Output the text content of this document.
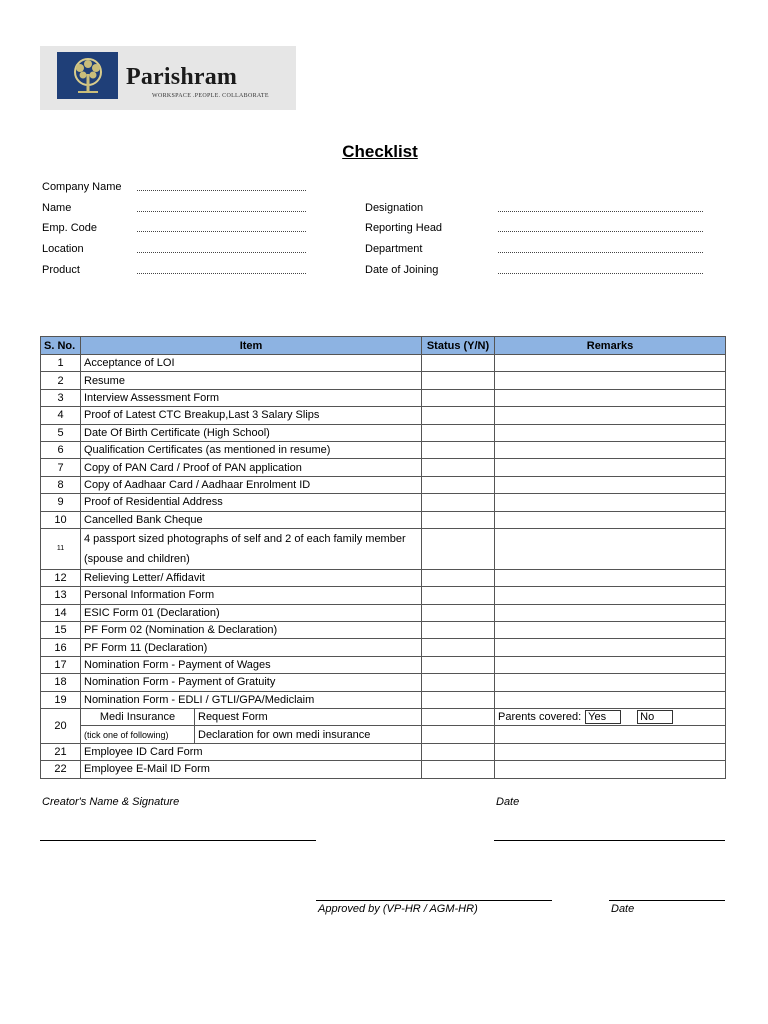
Parishram
WORKSPACE .PEOPLE. COLLABORATE
Checklist
Company Name
Name
Emp. Code
Location
Product
Designation
Reporting Head
Department
Date of Joining
S. No.	Item		Status (Y/N)	Remarks
1	Acceptance of LOI			
2	Resume			
3	Interview Assessment Form			
4	Proof of Latest CTC Breakup,Last 3 Salary Slips			
5	Date Of Birth Certificate (High School)			
6	Qualification Certificates (as mentioned in resume)			
7	Copy of PAN Card / Proof of PAN application			
8	Copy of Aadhaar Card / Aadhaar Enrolment ID			
9	Proof of Residential Address			
10	Cancelled Bank Cheque			
11	4 passport sized photographs of self and 2 of each family member (spouse and children)			
12	Relieving Letter/ Affidavit			
13	Personal Information Form			
14	ESIC Form 01 (Declaration)			
15	PF Form 02 (Nomination & Declaration)			
16	PF Form 11 (Declaration)			
17	Nomination Form - Payment of Wages			
18	Nomination Form - Payment of Gratuity			
19	Nomination Form - EDLI / GTLI/GPA/Mediclaim			
20	Medi Insurance	Request Form		Parents covered: Yes No

	(tick one of following)	Declaration for own medi insurance		
21	Employee ID Card Form			
22	Employee E-Mail ID Form			
Creator's Name & Signature	Date
Approved by (VP-HR / AGM-HR)	Date
